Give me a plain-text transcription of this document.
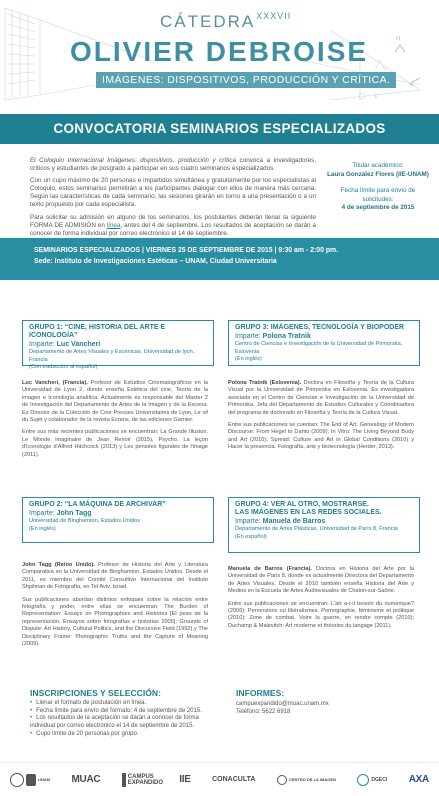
H
K
F
$CÁTEDRA^{XXXVII}$
OLIVIER DEBROISE
IMÁGENES: DISPOSITIVOS, PRODUCCIÓN Y CRÍTICA.
CONVOCATORIA SEMINARIOS ESPECIALIZADOS

El Coloquio Internacional Imágenes: dispositivos, producción y crítica convoca a investigadores, críticos y estudiantes de posgrado a participar en sus cuatro seminarios especializados.

Con un cupo máximo de 20 personas e impartidos simultánea y gratuitamente por los especialistas al Coloquio, estos seminarios permitirán a los participantes dialogar con ellos de manera más cercana. Según las características de cada seminario, las sesiones girarán en torno a una presentación o a un texto propuesto por cada especialista.

Para solicitar su admisión en alguno de los seminarios, los postulantes deberán llenar la siguiente FORMA DE ADMISIÓN en línea, antes del 4 de septiembre. Los resultados de aceptación se darán a conocer de forma individual por correo electrónico el 14 de septiembre.

Titular académico:
Laura González Flores (IIE-UNAM)
Fecha límite para envío de solicitudes:
4 de septiembre de 2015
SEMINARIOS ESPECIALIZADOS | VIERNES 25 DE SEPTIEMBRE DE 2015 | 9:30 am - 2:00 pm.
Sede: Instituto de Investigaciones Estéticas – UNAM, Ciudad Universitaria
GRUPO 1: “CINE, HISTORIA DEL ARTE E ICONOLOGÍA”
Imparte: Luc Vancheri
Departamento de Artes Visuales y Escénicas, Universidad de lyon, Francia
(Con traducción al español)
GRUPO 3: IMÁGENES, TECNOLOGÍA Y BIOPODER
Imparte: Polona Tratnik
Centro de Ciencias e Investigación de la Universidad de Primorska, Eslovenia
(En inglés)

Luc Vancheri, (Francia). Profesor de Estudios Cinematográficos en la Universidad de Lyon 2, donde enseña Estética del cine, Teoría de la imagen e Iconología analítica. Actualmente es responsable del Master 2 de Investigación del Departamento de Artes de la Imagen y de la Escena. Es Director de la Colección de Cine Presses Universitaires de Lyon, Le vif du Sujet y colaborador de la revista Ecrans, de las ediciones Garnier.

Entre sus más recientes publicaciones se encuentran: La Grande Illusion. Le Monde imaginaire de Jean Renoir (2015), Psycho. La leçon d'iconologie d'Alfred Hitchcock (2013) y Les pensées figurales de l'image (2011).

Polona Tratnik (Eslovenia). Doctora en Filosofía y Teoría de la Cultura Visual por la Universidad de Primorska en Eslovenia. Es investigadora asociada en el Centro de Ciencias e Investigación de la Universidad de Primorska. Jefa del Departamento de Estudios Culturales y Coordinadora del programa de doctorado en Filosofía y Teoría de la Cultura Visual.

Entre sus publicaciones se cuentan: The End of Art. Genealogy of Modern Discourse: From Hegel to Danto (2009); In Vitro: The Living Beyond Body and Art (2010); Spread: Culture and Art in Global Conditions (2010) y Hacer la presencia. Fotografía, arte y biotecnología (Herder, 2013).

GRUPO 2: “LA MÁQUINA DE ARCHIVAR”
Imparte: John Tagg
Universidad de Binghamton, Estados Unidos
(En inglés)
GRUPO 4: VER AL OTRO, MOSTRARSE.
LAS IMÁGENES EN LAS REDES SOCIALES.
Imparte: Manuela de Barros
Departamento de Artes Plásticas, Universidad de París 8, Francia
(En español)

John Tagg (Reino Unido). Profesor de Historia del Arte y Literatura Comparativa en la Universidad de Binghamton, Estados Unidos. Desde el 2011, es miembro del Comité Consultivo Internacional del Instituto Shpilman de Fotografía, en Tel Aviv, Israel.

Sus publicaciones abordan distintos enfoques sobre la relación entre fotografía y poder, entre ellas se encuentran: The Burden of Representation: Essays on Photographies and Histories [El peso de la representación. Ensayos sobre fotografías e historias 2005]; Grounds of Dispute: Art History, Cultural Politics, and the Discursive Field (1992) y The Disciplinary Frame: Photographic Truths and the Capture of Meaning (2009).

Manuela de Barros (Francia). Doctora en Historia del Arte por la Universidad de París 8, donde es actualmente Directora del Departamento de Artes Visuales. Desde el 2010 también enseña Historia del Arte y Medios en la Escuela de Artes Audiovisuales de Chalon-sur-Saône.

Entre sus publicaciones se encuentran: L'art a-t-il besoin du numérique? (2006); Perversions ou libéralismes. Pornographie, féminisme et politique (2010); Zone de combat. Voire la guerre, en rendre compte (2010); Duchamp & Malevitch: Art moderne et théories du langage (2011).

INSCRIPCIONES Y SELECCIÓN:
• Llenar el formato de postulación en línea.
• Fecha límite para envío del formato: 4 de septiembre de 2015.
• Los resultados de la aceptación se darán a conocer de forma individual por correo electrónico el 14 de septiembre de 2015.
• Cupo límite de 20 personas por grupo.
INFORMES:
campuexpandido@muac.unam.mx
Teléfono: 5622 6918
UNAM MUAC	CAMPUS EXPANDIDO IIE	CONACULTA	CENTRO DE LA IMAGEN	DGECI AXA
